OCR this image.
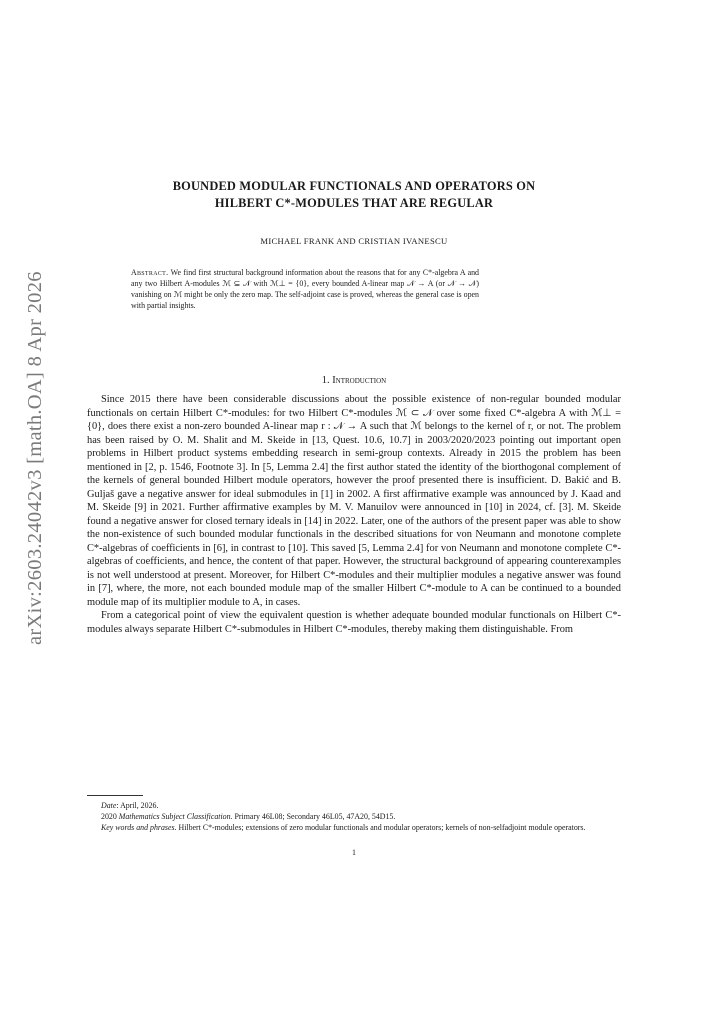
arXiv:2603.24042v3 [math.OA] 8 Apr 2026
BOUNDED MODULAR FUNCTIONALS AND OPERATORS ON
HILBERT C*-MODULES THAT ARE REGULAR
MICHAEL FRANK AND CRISTIAN IVANESCU
Abstract. We find first structural background information about the reasons that for any C*-algebra A and any two Hilbert A-modules ℳ ⊆ 𝒩 with ℳ⊥ = {0}, every bounded A-linear map 𝒩 → A (or 𝒩 → 𝒩) vanishing on ℳ might be only the zero map. The self-adjoint case is proved, whereas the general case is open with partial insights.
1. Introduction

Since 2015 there have been considerable discussions about the possible existence of non-regular bounded modular functionals on certain Hilbert C*-modules: for two Hilbert C*-modules ℳ ⊂ 𝒩 over some fixed C*-algebra A with ℳ⊥ = {0}, does there exist a non-zero bounded A-linear map r : 𝒩 → A such that ℳ belongs to the kernel of r, or not. The problem has been raised by O. M. Shalit and M. Skeide in [13, Quest. 10.6, 10.7] in 2003/2020/2023 pointing out important open problems in Hilbert product systems embedding research in semi-group contexts. Already in 2015 the problem has been mentioned in [2, p. 1546, Footnote 3]. In [5, Lemma 2.4] the first author stated the identity of the biorthogonal complement of the kernels of general bounded Hilbert module operators, however the proof presented there is insufficient. D. Bakić and B. Guljaš gave a negative answer for ideal submodules in [1] in 2002. A first affirmative example was announced by J. Kaad and M. Skeide [9] in 2021. Further affirmative examples by M. V. Manuilov were announced in [10] in 2024, cf. [3]. M. Skeide found a negative answer for closed ternary ideals in [14] in 2022. Later, one of the authors of the present paper was able to show the non-existence of such bounded modular functionals in the described situations for von Neumann and monotone complete C*-algebras of coefficients in [6], in contrast to [10]. This saved [5, Lemma 2.4] for von Neumann and monotone complete C*-algebras of coefficients, and hence, the content of that paper. However, the structural background of appearing counterexamples is not well understood at present. Moreover, for Hilbert C*-modules and their multiplier modules a negative answer was found in [7], where, the more, not each bounded module map of the smaller Hilbert C*-module to A can be continued to a bounded module map of its multiplier module to A, in cases.

From a categorical point of view the equivalent question is whether adequate bounded modular functionals on Hilbert C*-modules always separate Hilbert C*-submodules in Hilbert C*-modules, thereby making them distinguishable. From

Date: April, 2026.
2020 Mathematics Subject Classification. Primary 46L08; Secondary 46L05, 47A20, 54D15.
Key words and phrases. Hilbert C*-modules; extensions of zero modular functionals and modular operators; kernels of non-selfadjoint module operators.
1
